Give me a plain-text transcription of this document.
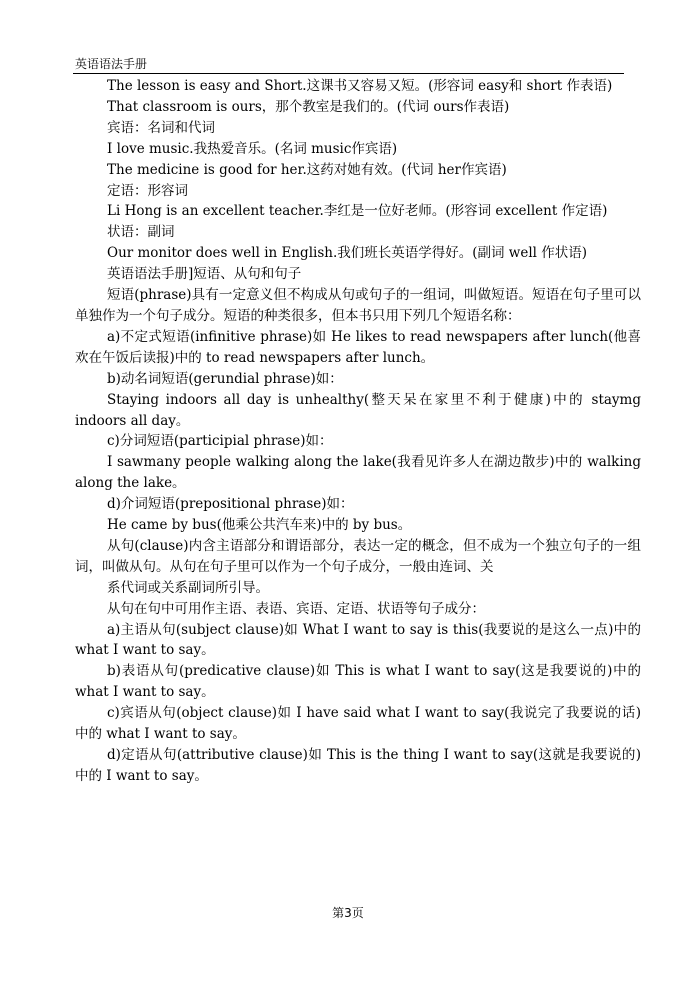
英语语法手册

The lesson is easy and Short.这课书又容易又短。(形容词 easy和 short 作表语)

That classroom is ours，那个教室是我们的。(代词 ours作表语)

宾语：名词和代词

I love music.我热爱音乐。(名词 music作宾语)

The medicine is good for her.这药对她有效。(代词 her作宾语)

定语：形容词

Li Hong is an excellent teacher.李红是一位好老师。(形容词 excellent 作定语)

状语：副词

Our monitor does well in English.我们班长英语学得好。(副词 well 作状语)

英语语法手册]短语、从句和句子

短语(phrase)具有一定意义但不构成从句或句子的一组词，叫做短语。短语在句子里可以单独作为一个句子成分。短语的种类很多，但本书只用下列几个短语名称：

a)不定式短语(infinitive phrase)如 He likes to read newspapers after lunch(他喜欢在午饭后读报)中的 to read newspapers after lunch。

b)动名词短语(gerundial phrase)如：

Staying indoors all day is unhealthy(整天呆在家里不利于健康)中的 staymg indoors all day。

c)分词短语(participial phrase)如：

I sawmany people walking along the lake(我看见许多人在湖边散步)中的 walking along the lake。

d)介词短语(prepositional phrase)如：

He came by bus(他乘公共汽车来)中的 by bus。

从句(clause)内含主语部分和谓语部分，表达一定的概念，但不成为一个独立句子的一组词，叫做从句。从句在句子里可以作为一个句子成分，一般由连词、关

系代词或关系副词所引导。

从句在句中可用作主语、表语、宾语、定语、状语等句子成分：

a)主语从句(subject clause)如 What I want to say is this(我要说的是这么一点)中的 what I want to say。

b)表语从句(predicative clause)如 This is what I want to say(这是我要说的)中的 what I want to say。

c)宾语从句(object clause)如 I have said what I want to say(我说完了我要说的话)中的 what I want to say。

d)定语从句(attributive clause)如 This is the thing I want to say(这就是我要说的)中的 I want to say。

第3页
